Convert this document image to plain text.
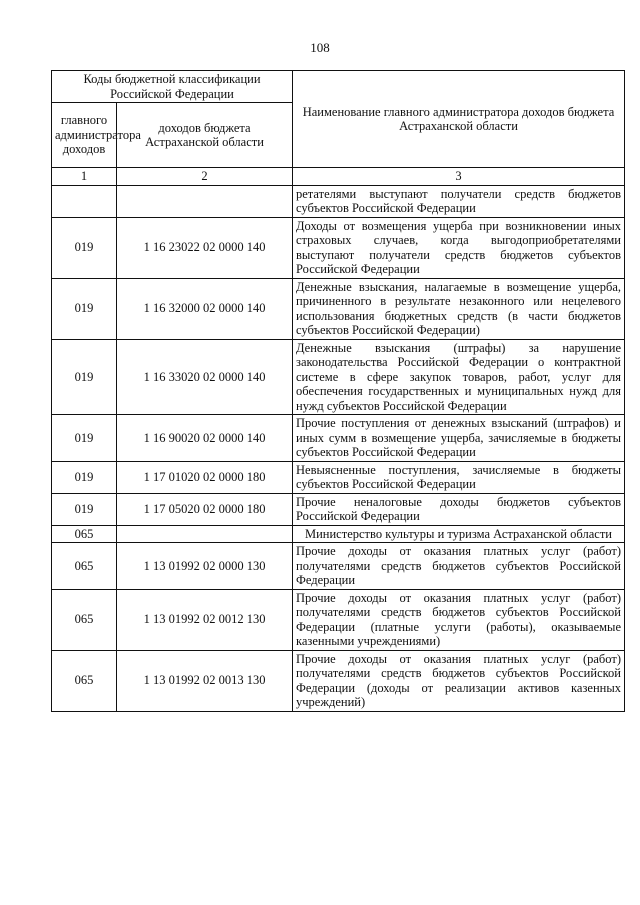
108
Коды бюджетной классификации Российской Федерации		Наименование главного администратора доходов бюджета Астраханской области
главного администратора доходов	доходов бюджета Астраханской области	
1	2	3
		ретателями выступают получатели средств бюджетов субъектов Российской Федерации
019	1 16 23022 02 0000 140	Доходы от возмещения ущерба при возникновении иных страховых случаев, когда выгодоприобретателями выступают получатели средств бюджетов субъектов Российской Федерации
019	1 16 32000 02 0000 140	Денежные взыскания, налагаемые в возмещение ущерба, причиненного в результате незаконного или нецелевого использования бюджетных средств (в части бюджетов субъектов Российской Федерации)
019	1 16 33020 02 0000 140	Денежные взыскания (штрафы) за нарушение законодательства Российской Федерации о контрактной системе в сфере закупок товаров, работ, услуг для обеспечения государственных и муниципальных нужд для нужд субъектов Российской Федерации
019	1 16 90020 02 0000 140	Прочие поступления от денежных взысканий (штрафов) и иных сумм в возмещение ущерба, зачисляемые в бюджеты субъектов Российской Федерации
019	1 17 01020 02 0000 180	Невыясненные поступления, зачисляемые в бюджеты субъектов Российской Федерации
019	1 17 05020 02 0000 180	Прочие неналоговые доходы бюджетов субъектов Российской Федерации
065		Министерство культуры и туризма Астраханской области
065	1 13 01992 02 0000 130	Прочие доходы от оказания платных услуг (работ) получателями средств бюджетов субъектов Российской Федерации
065	1 13 01992 02 0012 130	Прочие доходы от оказания платных услуг (работ) получателями средств бюджетов субъектов Российской Федерации (платные услуги (работы), оказываемые казенными учреждениями)
065	1 13 01992 02 0013 130	Прочие доходы от оказания платных услуг (работ) получателями средств бюджетов субъектов Российской Федерации (доходы от реализации активов казенных учреждений)
